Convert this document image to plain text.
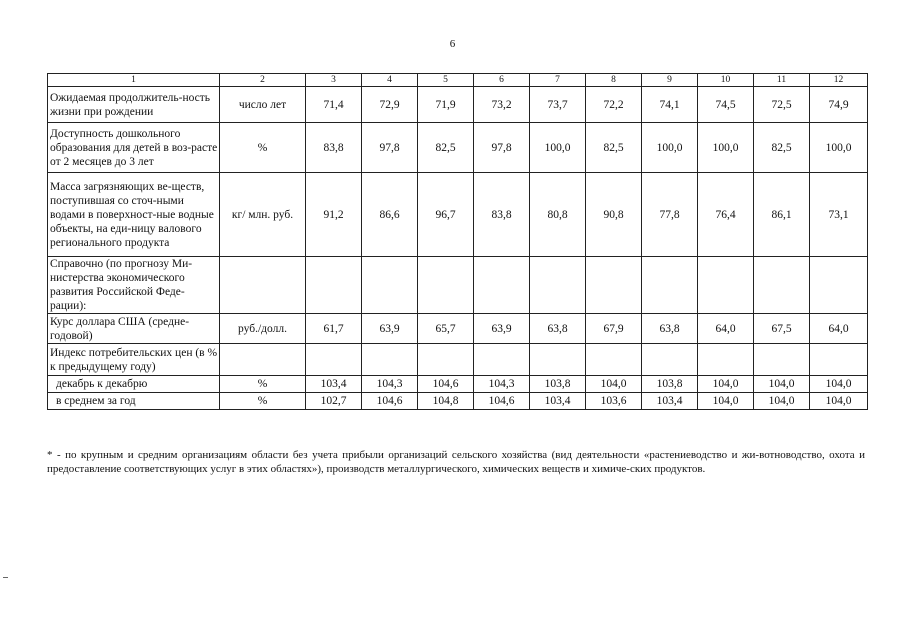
6
1	2	3	4	5	6	7	8	9	10	11	12
Ожидаемая продолжитель-ность жизни при рождении	число лет	71,4	72,9	71,9	73,2	73,7	72,2	74,1	74,5	72,5	74,9
Доступность дошкольного образования для детей в воз-расте от 2 месяцев до 3 лет	%	83,8	97,8	82,5	97,8	100,0	82,5	100,0	100,0	82,5	100,0
Масса загрязняющих ве-ществ, поступившая со сточ-ными водами в поверхност-ные водные объекты, на еди-ницу валового регионального продукта	кг/ млн. руб.	91,2	86,6	96,7	83,8	80,8	90,8	77,8	76,4	86,1	73,1
Справочно (по прогнозу Ми-нистерства экономического развития Российской Феде-рации):											
Курс доллара США (средне-годовой)	руб./долл.	61,7	63,9	65,7	63,9	63,8	67,9	63,8	64,0	67,5	64,0
Индекс потребительских цен (в % к предыдущему году)											
декабрь к декабрю	%	103,4	104,3	104,6	104,3	103,8	104,0	103,8	104,0	104,0	104,0
в среднем за год	%	102,7	104,6	104,8	104,6	103,4	103,6	103,4	104,0	104,0	104,0
* - по крупным и средним организациям области без учета прибыли организаций сельского хозяйства (вид деятельности «растениеводство и жи-вотноводство, охота и предоставление соответствующих услуг в этих областях»), производств металлургического, химических веществ и химиче-ских продуктов.
